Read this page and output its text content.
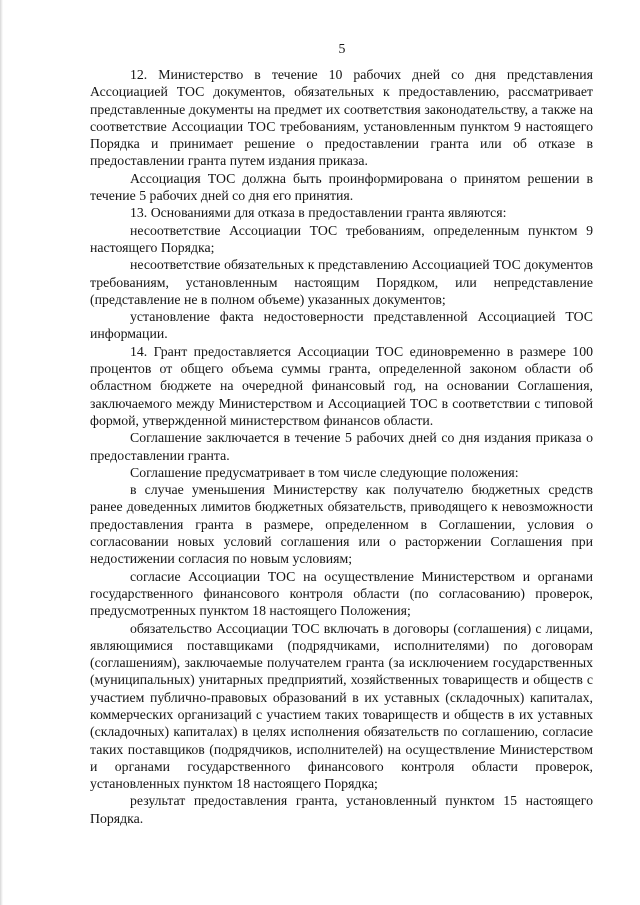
5

12. Министерство в течение 10 рабочих дней со дня представления Ассоциацией ТОС документов, обязательных к предоставлению, рассматривает представленные документы на предмет их соответствия законодательству, а также на соответствие Ассоциации ТОС требованиям, установленным пунктом 9 настоящего Порядка и принимает решение о предоставлении гранта или об отказе в предоставлении гранта путем издания приказа.

Ассоциация ТОС должна быть проинформирована о принятом решении в течение 5 рабочих дней со дня его принятия.

13. Основаниями для отказа в предоставлении гранта являются:

несоответствие Ассоциации ТОС требованиям, определенным пунктом 9 настоящего Порядка;

несоответствие обязательных к представлению Ассоциацией ТОС документов требованиям, установленным настоящим Порядком, или непредставление (представление не в полном объеме) указанных документов;

установление факта недостоверности представленной Ассоциацией ТОС информации.

14. Грант предоставляется Ассоциации ТОС единовременно в размере 100 процентов от общего объема суммы гранта, определенной законом области об областном бюджете на очередной финансовый год, на основании Соглашения, заключаемого между Министерством и Ассоциацией ТОС в соответствии с типовой формой, утвержденной министерством финансов области.

Соглашение заключается в течение 5 рабочих дней со дня издания приказа о предоставлении гранта.

Соглашение предусматривает в том числе следующие положения:

в случае уменьшения Министерству как получателю бюджетных средств ранее доведенных лимитов бюджетных обязательств, приводящего к невозможности предоставления гранта в размере, определенном в Соглашении, условия о согласовании новых условий соглашения или о расторжении Соглашения при недостижении согласия по новым условиям;

согласие Ассоциации ТОС на осуществление Министерством и органами государственного финансового контроля области (по согласованию) проверок, предусмотренных пунктом 18 настоящего Положения;

обязательство Ассоциации ТОС включать в договоры (соглашения) с лицами, являющимися поставщиками (подрядчиками, исполнителями) по договорам (соглашениям), заключаемые получателем гранта (за исключением государственных (муниципальных) унитарных предприятий, хозяйственных товариществ и обществ с участием публично-правовых образований в их уставных (складочных) капиталах, коммерческих организаций с участием таких товариществ и обществ в их уставных (складочных) капиталах) в целях исполнения обязательств по соглашению, согласие таких поставщиков (подрядчиков, исполнителей) на осуществление Министерством и органами государственного финансового контроля области проверок, установленных пунктом 18 настоящего Порядка;

результат предоставления гранта, установленный пунктом 15 настоящего Порядка.
